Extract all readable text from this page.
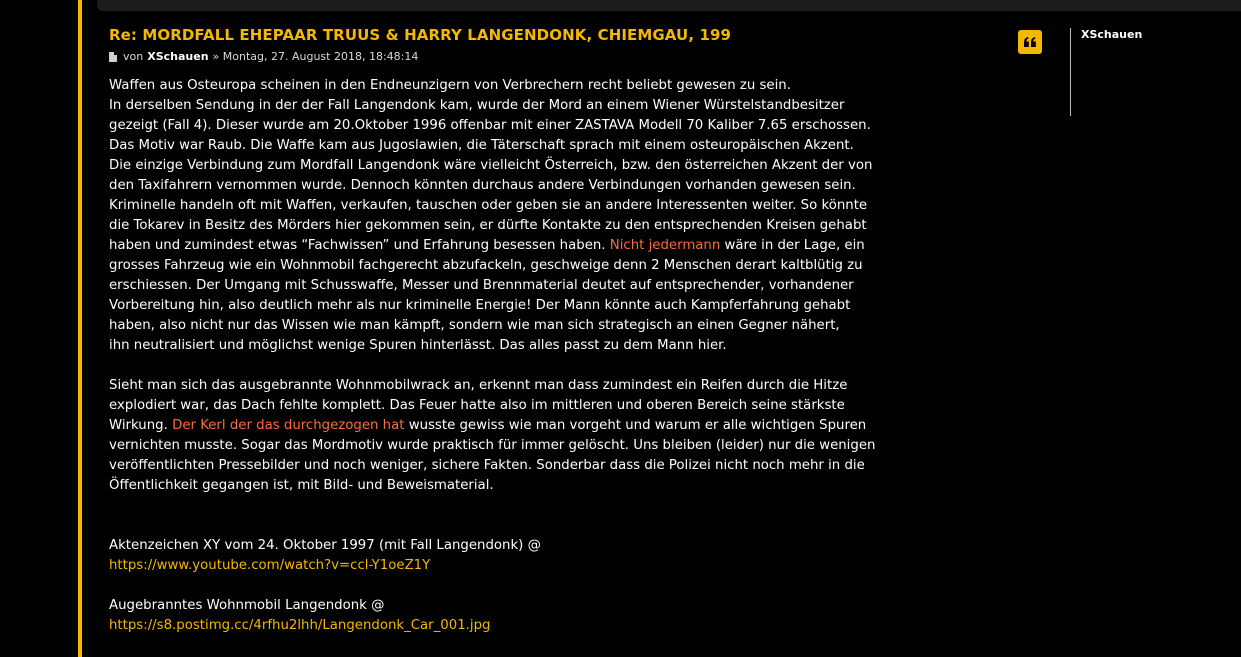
Re: MORDFALL EHEPAAR TRUUS & HARRY LANGENDONK, CHIEMGAU, 199
von XSchauen » Montag, 27. August 2018, 18:48:14
XSchauen
Waffen aus Osteuropa scheinen in den Endneunzigern von Verbrechern recht beliebt gewesen zu sein.
In derselben Sendung in der der Fall Langendonk kam, wurde der Mord an einem Wiener Würstelstandbesitzer
gezeigt (Fall 4). Dieser wurde am 20.Oktober 1996 offenbar mit einer ZASTAVA Modell 70 Kaliber 7.65 erschossen.
Das Motiv war Raub. Die Waffe kam aus Jugoslawien, die Täterschaft sprach mit einem osteuropäischen Akzent.
Die einzige Verbindung zum Mordfall Langendonk wäre vielleicht Österreich, bzw. den österreichen Akzent der von
den Taxifahrern vernommen wurde. Dennoch könnten durchaus andere Verbindungen vorhanden gewesen sein.
Kriminelle handeln oft mit Waffen, verkaufen, tauschen oder geben sie an andere Interessenten weiter. So könnte
die Tokarev in Besitz des Mörders hier gekommen sein, er dürfte Kontakte zu den entsprechenden Kreisen gehabt
haben und zumindest etwas “Fachwissen” und Erfahrung besessen haben. Nicht jedermann wäre in der Lage, ein
grosses Fahrzeug wie ein Wohnmobil fachgerecht abzufackeln, geschweige denn 2 Menschen derart kaltblütig zu
erschiessen. Der Umgang mit Schusswaffe, Messer und Brennmaterial deutet auf entsprechender, vorhandener
Vorbereitung hin, also deutlich mehr als nur kriminelle Energie! Der Mann könnte auch Kampferfahrung gehabt
haben, also nicht nur das Wissen wie man kämpft, sondern wie man sich strategisch an einen Gegner nähert,
ihn neutralisiert und möglichst wenige Spuren hinterlässt. Das alles passt zu dem Mann hier.
Sieht man sich das ausgebrannte Wohnmobilwrack an, erkennt man dass zumindest ein Reifen durch die Hitze
explodiert war, das Dach fehlte komplett. Das Feuer hatte also im mittleren und oberen Bereich seine stärkste
Wirkung. Der Kerl der das durchgezogen hat wusste gewiss wie man vorgeht und warum er alle wichtigen Spuren
vernichten musste. Sogar das Mordmotiv wurde praktisch für immer gelöscht. Uns bleiben (leider) nur die wenigen
veröffentlichten Pressebilder und noch weniger, sichere Fakten. Sonderbar dass die Polizei nicht noch mehr in die
Öffentlichkeit gegangen ist, mit Bild- und Beweismaterial.
Aktenzeichen XY vom 24. Oktober 1997 (mit Fall Langendonk) @
https://www.youtube.com/watch?v=ccl-Y1oeZ1Y
Augebranntes Wohnmobil Langendonk @
https://s8.postimg.cc/4rfhu2lhh/Langendonk_Car_001.jpg
